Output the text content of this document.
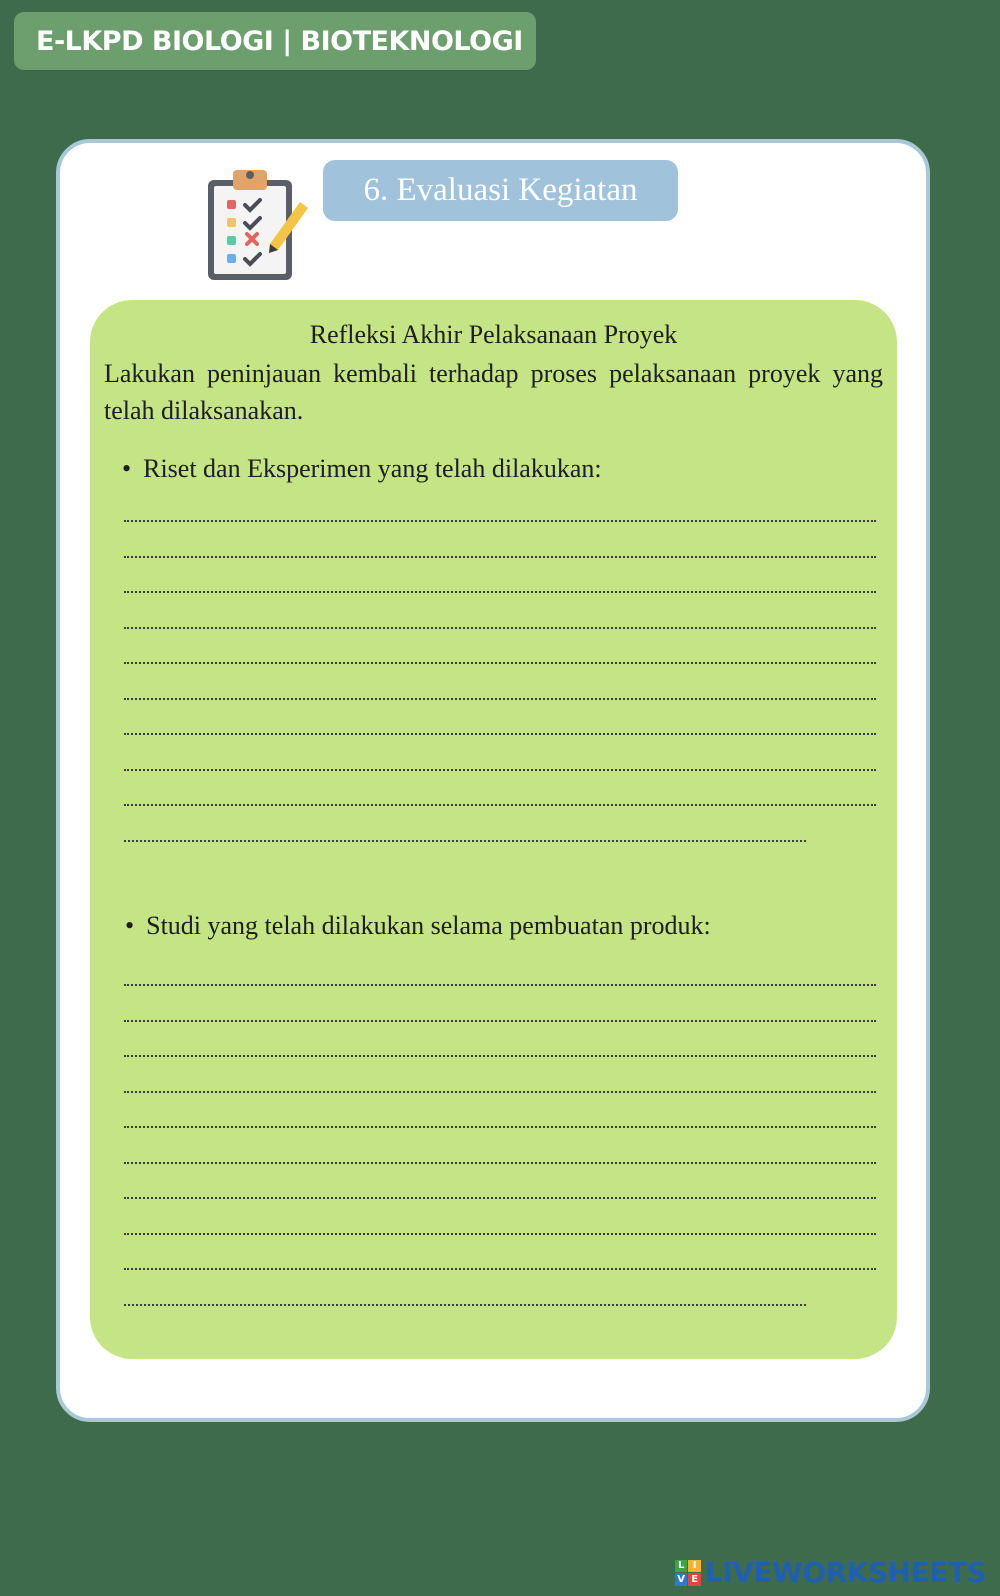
E-LKPD BIOLOGI | BIOTEKNOLOGI
6. Evaluasi Kegiatan
Refleksi Akhir Pelaksanaan Proyek
Lakukan peninjauan kembali terhadap proses pelaksanaan proyek yang telah dilaksanakan.
• Riset dan Eksperimen yang telah dilakukan:
• Studi yang telah dilakukan selama pembuatan produk:
L I
V E LIVEWORKSHEETS
